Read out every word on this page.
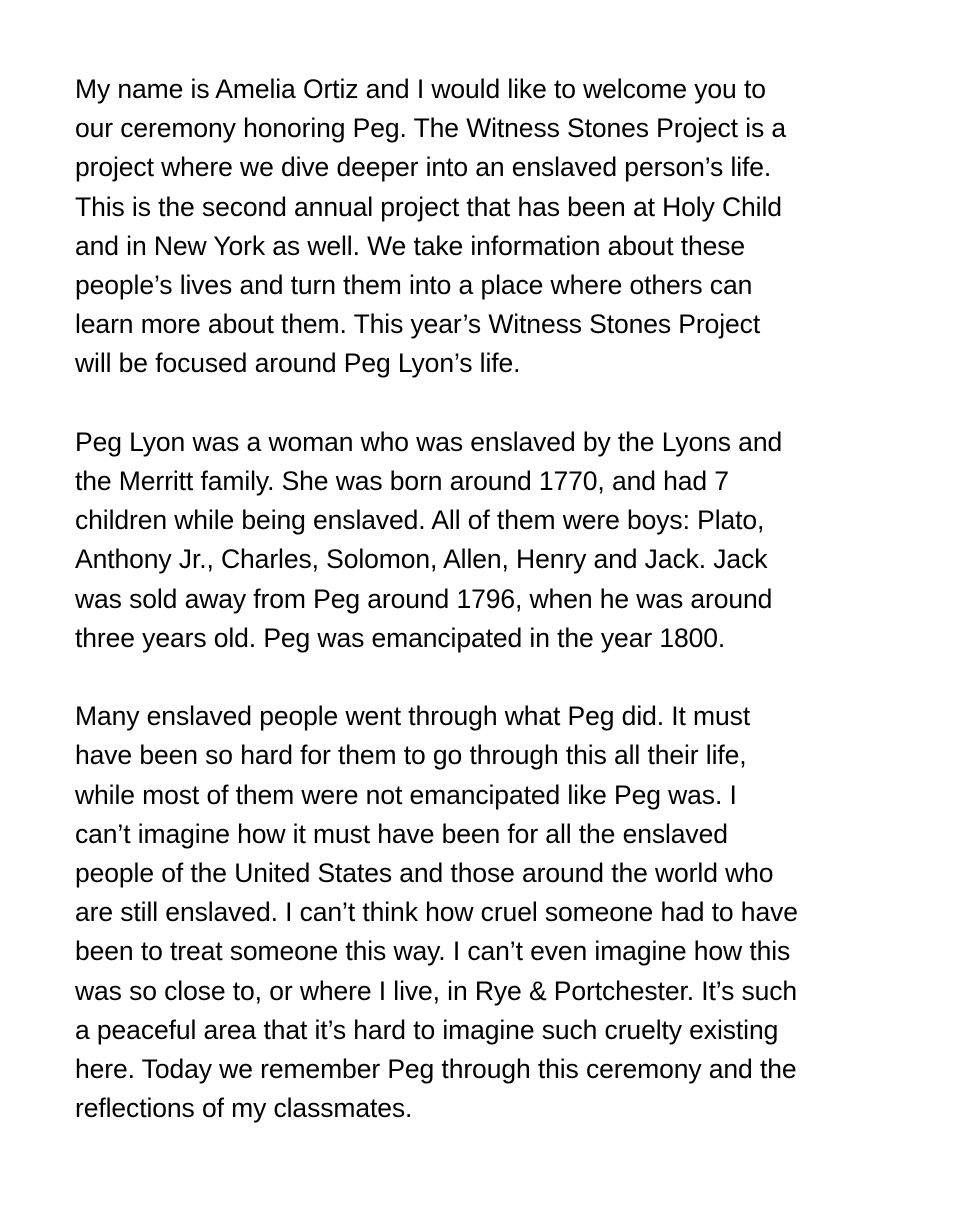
My name is Amelia Ortiz and I would like to welcome you to
our ceremony honoring Peg. The Witness Stones Project is a
project where we dive deeper into an enslaved person’s life.
This is the second annual project that has been at Holy Child
and in New York as well. We take information about these
people’s lives and turn them into a place where others can
learn more about them. This year’s Witness Stones Project
will be focused around Peg Lyon’s life.

Peg Lyon was a woman who was enslaved by the Lyons and
the Merritt family. She was born around 1770, and had 7
children while being enslaved. All of them were boys: Plato,
Anthony Jr., Charles, Solomon, Allen, Henry and Jack. Jack
was sold away from Peg around 1796, when he was around
three years old. Peg was emancipated in the year 1800.

Many enslaved people went through what Peg did. It must
have been so hard for them to go through this all their life,
while most of them were not emancipated like Peg was. I
can’t imagine how it must have been for all the enslaved
people of the United States and those around the world who
are still enslaved. I can’t think how cruel someone had to have
been to treat someone this way. I can’t even imagine how this
was so close to, or where I live, in Rye & Portchester. It’s such
a peaceful area that it’s hard to imagine such cruelty existing
here. Today we remember Peg through this ceremony and the
reflections of my classmates.
